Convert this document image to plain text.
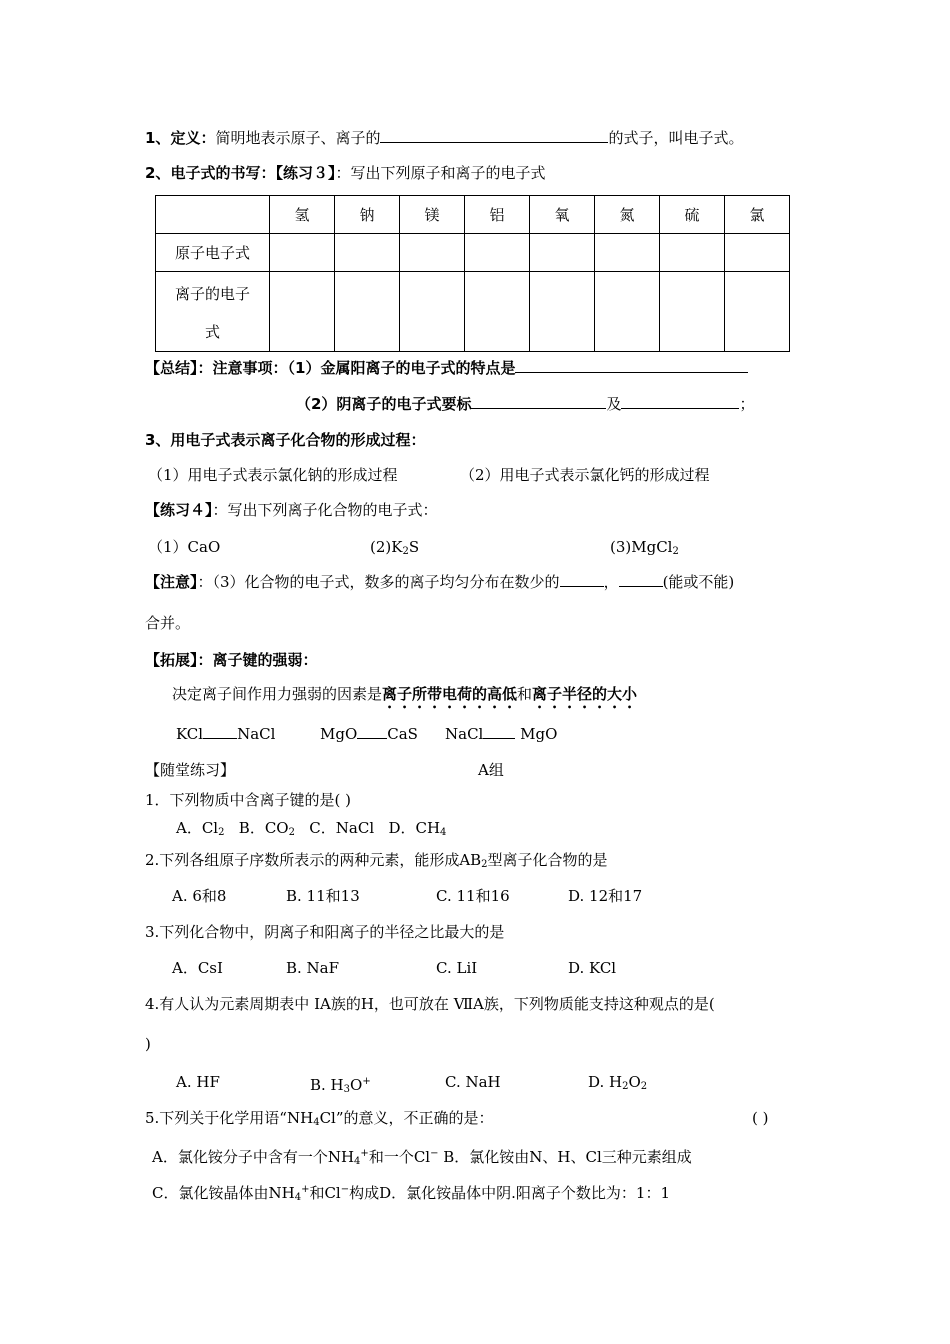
1、定义：简明地表示原子、离子的	的式子，叫电子式。
2、电子式的书写：【练习３】：写出下列原子和离子的电子式
	氢	钠	镁	铝	氧	氮	硫	氯
原子电子式								

离子的电子
式								

【总结】：注意事项：（1）金属阳离子的电子式的特点是
（2）阴离子的电子式要标	及	；
3、用电子式表示离子化合物的形成过程：
（1）用电子式表示氯化钠的形成过程	（2）用电子式表示氯化钙的形成过程
【练习４】：写出下列离子化合物的电子式：
（1）CaO	$(2)K_2S$	(3)MgCl$_2$
【注意】：（3）化合物的电子式，数多的离子均匀分布在数少的	，	(能或不能)
合并。
【拓展】：离子键的强弱：
决定离子间作用力强弱的因素是离子所带电荷的高低和离子半径的大小
KCl NaCl	MgO CaS NaCl MgO
【随堂练习】	A组
1．下列物质中含离子键的是( )
A．$Cl_2$ B．$CO_2$ C．NaCl D．$CH_4$
2.下列各组原子序数所表示的两种元素，能形成$AB_2$型离子化合物的是
A. 6和8	B. 11和13	C. 11和16	D. 12和17
3.下列化合物中，阴离子和阳离子的半径之比最大的是
A．CsI	B. NaF	C. LiI	D. KCl
4.有人认为元素周期表中 IA族的H，也可放在 ⅦA族，下列物质能支持这种观点的是(
)
A. HF	B. $H_3O^+$	C. NaH	D. $H_2O_2$
5.下列关于化学用语“$NH_4Cl$”的意义，不正确的是：	( )
A．氯化铵分子中含有一个$NH_4^+$和一个Cl− B．氯化铵由N、H、Cl三种元素组成
C．氯化铵晶体由$NH_4^+$和Cl−构成D．氯化铵晶体中阴.阳离子个数比为：1：1
